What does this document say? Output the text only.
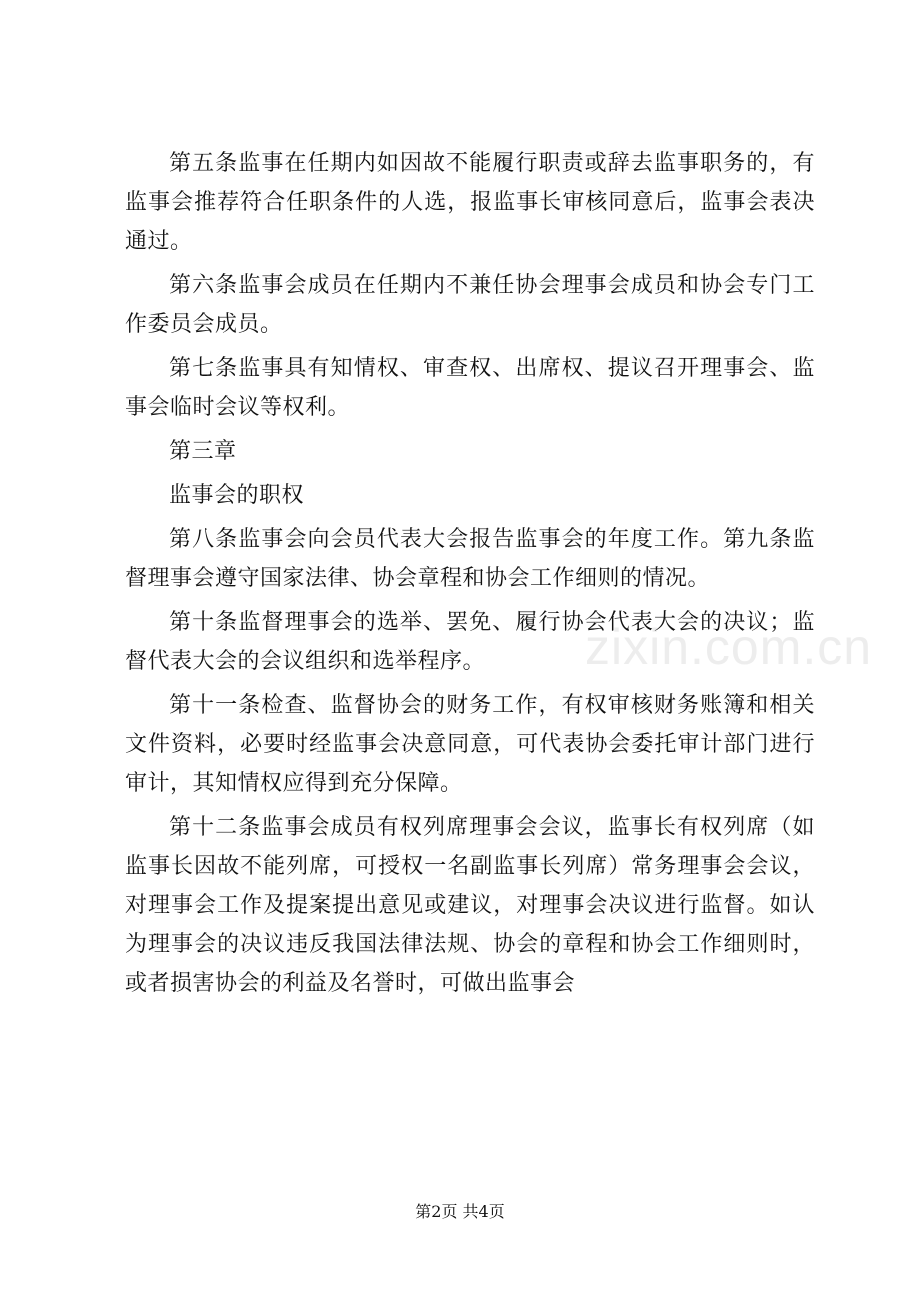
第五条监事在任期内如因故不能履行职责或辞去监事职务的，有监事会推荐符合任职条件的人选，报监事长审核同意后，监事会表决通过。

第六条监事会成员在任期内不兼任协会理事会成员和协会专门工作委员会成员。

第七条监事具有知情权、审查权、出席权、提议召开理事会、监事会临时会议等权利。

第三章

监事会的职权

第八条监事会向会员代表大会报告监事会的年度工作。第九条监督理事会遵守国家法律、协会章程和协会工作细则的情况。

第十条监督理事会的选举、罢免、履行协会代表大会的决议；监督代表大会的会议组织和选举程序。

第十一条检查、监督协会的财务工作，有权审核财务账簿和相关文件资料，必要时经监事会决意同意，可代表协会委托审计部门进行审计，其知情权应得到充分保障。

第十二条监事会成员有权列席理事会会议，监事长有权列席（如监事长因故不能列席，可授权一名副监事长列席）常务理事会会议，对理事会工作及提案提出意见或建议，对理事会决议进行监督。如认为理事会的决议违反我国法律法规、协会的章程和协会工作细则时，或者损害协会的利益及名誉时，可做出监事会

zixin.com.cn
第2页 共4页
